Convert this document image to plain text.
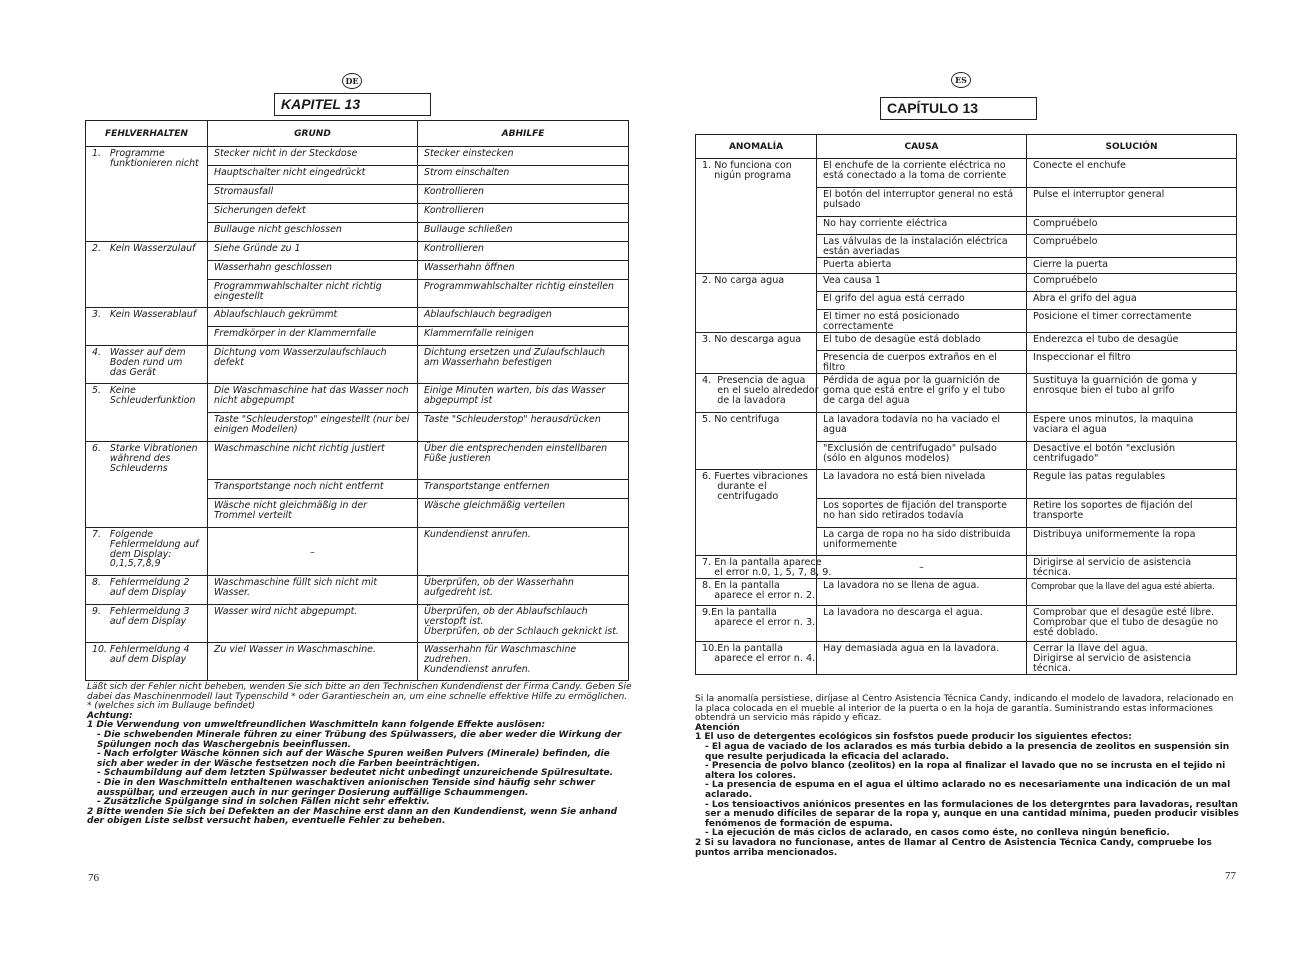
DE
KAPITEL 13
FEHLVERHALTEN	GRUND	ABHILFE
1.   Programme
funktionieren nicht	Stecker nicht in der Steckdose	Stecker einstecken
	Hauptschalter nicht eingedrückt	Strom einschalten
	Stromausfall	Kontrollieren
	Sicherungen defekt	Kontrollieren
	Bullauge nicht geschlossen	Bullauge schließen
2.   Kein Wasserzulauf	Siehe Gründe zu 1	Kontrollieren
	Wasserhahn geschlossen	Wasserhahn öffnen
	Programmwahlschalter nicht richtig eingestellt	Programmwahlschalter richtig einstellen
3.   Kein Wasserablauf	Ablaufschlauch gekrümmt	Ablaufschlauch begradigen
	Fremdkörper in der Klammernfalle	Klammernfalle reinigen
4.   Wasser auf dem
Boden rund um
das Gerät	Dichtung vom Wasserzulaufschlauch defekt	Dichtung ersetzen und Zulaufschlauch am Wasserhahn befestigen
5.   Keine
Schleuderfunktion	Die Waschmaschine hat das Wasser noch nicht abgepumpt	Einige Minuten warten, bis das Wasser abgepumpt ist
	Taste "Schleuderstop" eingestellt (nur bei einigen Modellen)	Taste "Schleuderstop" herausdrücken
6.   Starke Vibrationen
während des
Schleuderns	Waschmaschine nicht richtig justiert	Über die entsprechenden einstellbaren Füße justieren
	Transportstange noch nicht entfernt	Transportstange entfernen
	Wäsche nicht gleichmäßig in der Trommel verteilt	Wäsche gleichmäßig verteilen
7.   Folgende
Fehlermeldung auf
dem Display:
0,1,5,7,8,9	–	Kundendienst anrufen.
8.   Fehlermeldung 2
auf dem Display	Waschmaschine füllt sich nicht mit Wasser.	Überprüfen, ob der Wasserhahn aufgedreht ist.
9.   Fehlermeldung 3
auf dem Display	Wasser wird nicht abgepumpt.	Überprüfen, ob der Ablaufschlauch verstopft ist.
Überprüfen, ob der Schlauch geknickt ist.
10. Fehlermeldung 4
auf dem Display	Zu viel Wasser in Waschmaschine.	Wasserhahn für Waschmaschine zudrehen.
Kundendienst anrufen.

Läßt sich der Fehler nicht beheben, wenden Sie sich bitte an den Technischen Kundendienst der Firma Candy. Geben Sie dabei das Maschinenmodell laut Typenschild * oder Garantieschein an, um eine schnelle effektive Hilfe zu ermöglichen.

* (welches sich im Bullauge befindet)

Achtung:

1 Die Verwendung von umweltfreundlichen Waschmitteln kann folgende Effekte auslösen:

- Die schwebenden Minerale führen zu einer Trübung des Spülwassers, die aber weder die Wirkung der Spülungen noch das Waschergebnis beeinflussen.

- Nach erfolgter Wäsche können sich auf der Wäsche Spuren weißen Pulvers (Minerale) befinden, die sich aber weder in der Wäsche festsetzen noch die Farben beeinträchtigen.

- Schaumbildung auf dem letzten Spülwasser bedeutet nicht unbedingt unzureichende Spülresultate.

- Die in den Waschmitteln enthaltenen waschaktiven anionischen Tenside sind häufig sehr schwer ausspülbar, und erzeugen auch in nur geringer Dosierung auffällige Schaummengen.

- Zusätzliche Spülgange sind in solchen Fällen nicht sehr effektiv.

2 Bitte wenden Sie sich bei Defekten an der Maschine erst dann an den Kundendienst, wenn Sie anhand der obigen Liste selbst versucht haben, eventuelle Fehler zu beheben.

76
ES
CAPÍTULO 13
ANOMALÍA	CAUSA	SOLUCIÓN
1. No funciona con
nigún programa	El enchufe de la corriente eléctrica no está conectado a la toma de corriente	Conecte el enchufe
	El botón del interruptor general no está pulsado	Pulse el interruptor general
	No hay corriente eléctrica	Compruébelo
	Las válvulas de la instalación eléctrica están averiadas	Compruébelo
	Puerta abierta	Cierre la puerta
2. No carga agua	Vea causa 1	Compruébelo
	El grifo del agua está cerrado	Abra el grifo del agua
	El timer no está posicionado correctamente	Posicione el timer correctamente
3. No descarga agua	El tubo de desagüe está doblado	Enderezca el tubo de desagüe
	Presencia de cuerpos extraños en el filtro	Inspeccionar el filtro
4.  Presencia de agua
en el suelo alrededor
de la lavadora	Pérdida de agua por la guarnición de goma que está entre el grifo y el tubo de carga del agua	Sustituya la guarnición de goma y enrosque bien el tubo al grifo
5. No centrifuga	La lavadora todavía no ha vaciado el agua	Espere unos minutos, la maquina vaciara el agua
	"Exclusión de centrifugado" pulsado (sólo en algunos modelos)	Desactive el botón "exclusión centrifugado"
6. Fuertes vibraciones
durante el
centrifugado	La lavadora no está bien nivelada	Regule las patas regulables
	Los soportes de fijación del transporte no han sido retirados todavía	Retire los soportes de fijación del transporte
	La carga de ropa no ha sido distribuida uniformemente	Distribuya uniformemente la ropa
7. En la pantalla aparece
el error n.0, 1, 5, 7, 8, 9.	–	Dirigirse al servicio de asistencia técnica.
8. En la pantalla
aparece el error n. 2.	La lavadora no se llena de agua.	Comprobar que la llave del agua esté abierta.
9.En la pantalla
aparece el error n. 3.	La lavadora no descarga el agua.	Comprobar que el desagüe esté libre.
Comprobar que el tubo de desagüe no esté doblado.
10.En la pantalla
aparece el error n. 4.	Hay demasiada agua en la lavadora.	Cerrar la llave del agua.
Dirigirse al servicio de asistencia técnica.

Si la anomalía persistiese, diríjase al Centro Asistencia Técnica Candy, indicando el modelo de lavadora, relacionado en la placa colocada en el mueble al interior de la puerta o en la hoja de garantía. Suministrando estas informaciones obtendrá un servicio más rápido y eficaz.

Atención

1 El uso de detergentes ecológicos sin fosfstos puede producir los siguientes efectos:

- El agua de vaciado de los aclarados es más turbia debido a la presencia de zeolitos en suspensión sin que resulte perjudicada la eficacia del aclarado.

- Presencia de polvo blanco (zeolitos) en la ropa al finalizar el lavado que no se incrusta en el tejido ni altera los colores.

- La presencia de espuma en el agua el último aclarado no es necesariamente una indicación de un mal aclarado.

- Los tensioactivos aniónicos presentes en las formulaciones de los detergrntes para lavadoras, resultan ser a menudo difíciles de separar de la ropa y, aunque en una cantidad mínima, pueden producir visibles fenómenos de formación de espuma.

- La ejecución de más ciclos de aclarado, en casos como éste, no conlleva ningún beneficio.

2 Si su lavadora no funcionase, antes de llamar al Centro de Asistencia Técnica Candy, compruebe los puntos arriba mencionados.

77
